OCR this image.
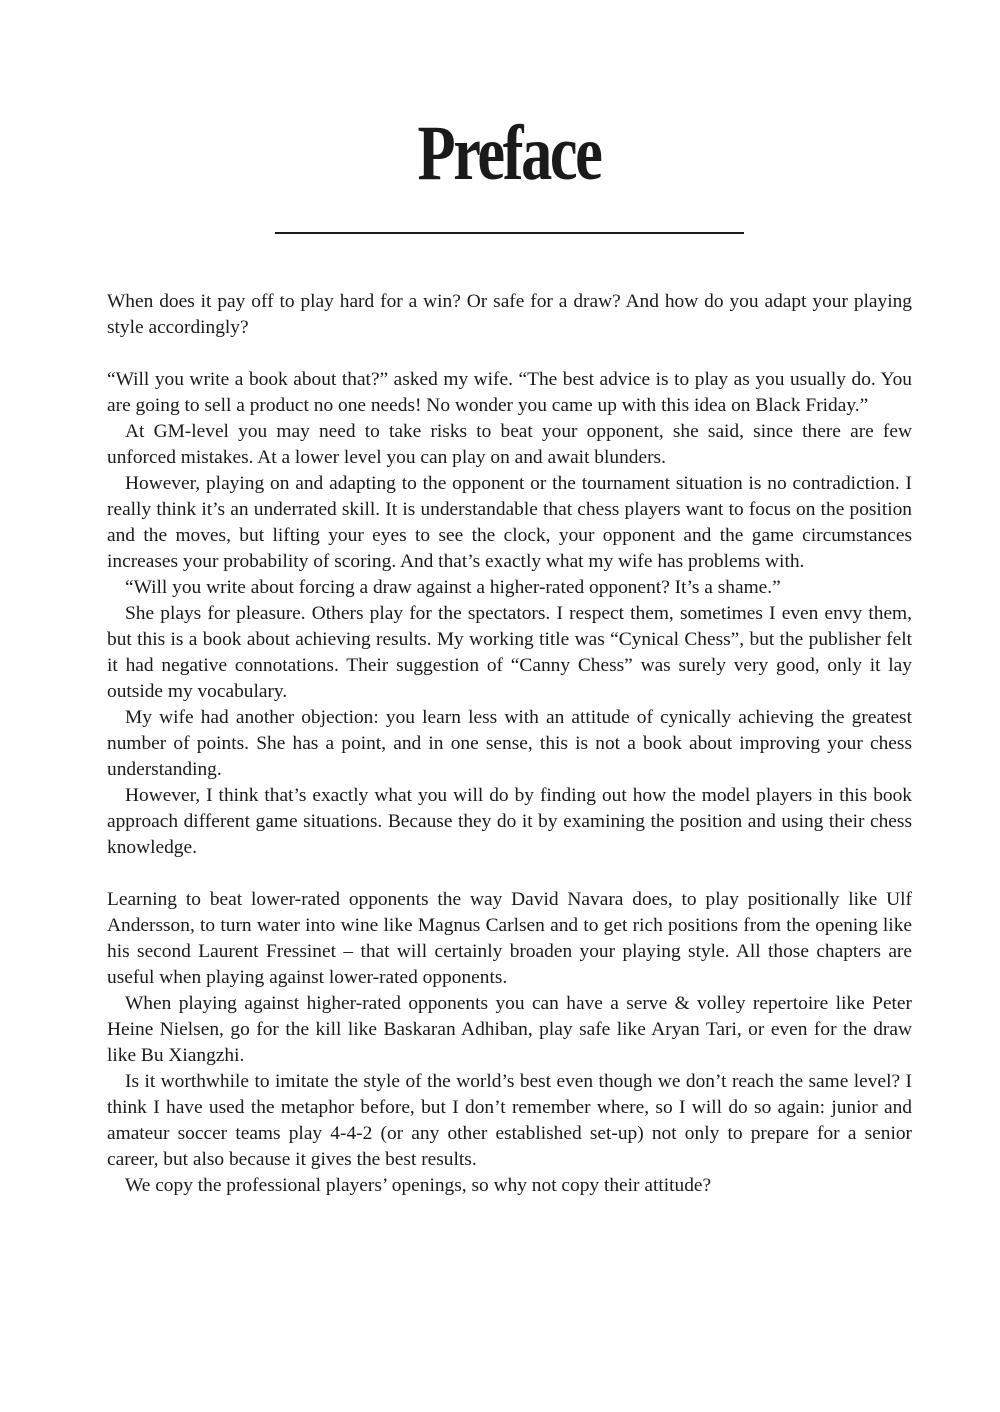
Preface

When does it pay off to play hard for a win? Or safe for a draw? And how do you adapt your playing style accordingly?

“Will you write a book about that?” asked my wife. “The best advice is to play as you usually do. You are going to sell a product no one needs! No wonder you came up with this idea on Black Friday.”

At GM-level you may need to take risks to beat your opponent, she said, since there are few unforced mistakes. At a lower level you can play on and await blunders.

However, playing on and adapting to the opponent or the tournament situation is no contradiction. I really think it’s an underrated skill. It is understandable that chess players want to focus on the position and the moves, but lifting your eyes to see the clock, your opponent and the game circumstances increases your probability of scoring. And that’s exactly what my wife has problems with.

“Will you write about forcing a draw against a higher-rated opponent? It’s a shame.”

She plays for pleasure. Others play for the spectators. I respect them, sometimes I even envy them, but this is a book about achieving results. My working title was “Cynical Chess”, but the publisher felt it had negative connotations. Their suggestion of “Canny Chess” was surely very good, only it lay outside my vocabulary.

My wife had another objection: you learn less with an attitude of cynically achieving the greatest number of points. She has a point, and in one sense, this is not a book about improving your chess understanding.

However, I think that’s exactly what you will do by finding out how the model players in this book approach different game situations. Because they do it by examining the position and using their chess knowledge.

Learning to beat lower-rated opponents the way David Navara does, to play positionally like Ulf Andersson, to turn water into wine like Magnus Carlsen and to get rich positions from the opening like his second Laurent Fressinet – that will certainly broaden your playing style. All those chapters are useful when playing against lower-rated opponents.

When playing against higher-rated opponents you can have a serve & volley repertoire like Peter Heine Nielsen, go for the kill like Baskaran Adhiban, play safe like Aryan Tari, or even for the draw like Bu Xiangzhi.

Is it worthwhile to imitate the style of the world’s best even though we don’t reach the same level? I think I have used the metaphor before, but I don’t remember where, so I will do so again: junior and amateur soccer teams play 4-4-2 (or any other established set-up) not only to prepare for a senior career, but also because it gives the best results.

We copy the professional players’ openings, so why not copy their attitude?
